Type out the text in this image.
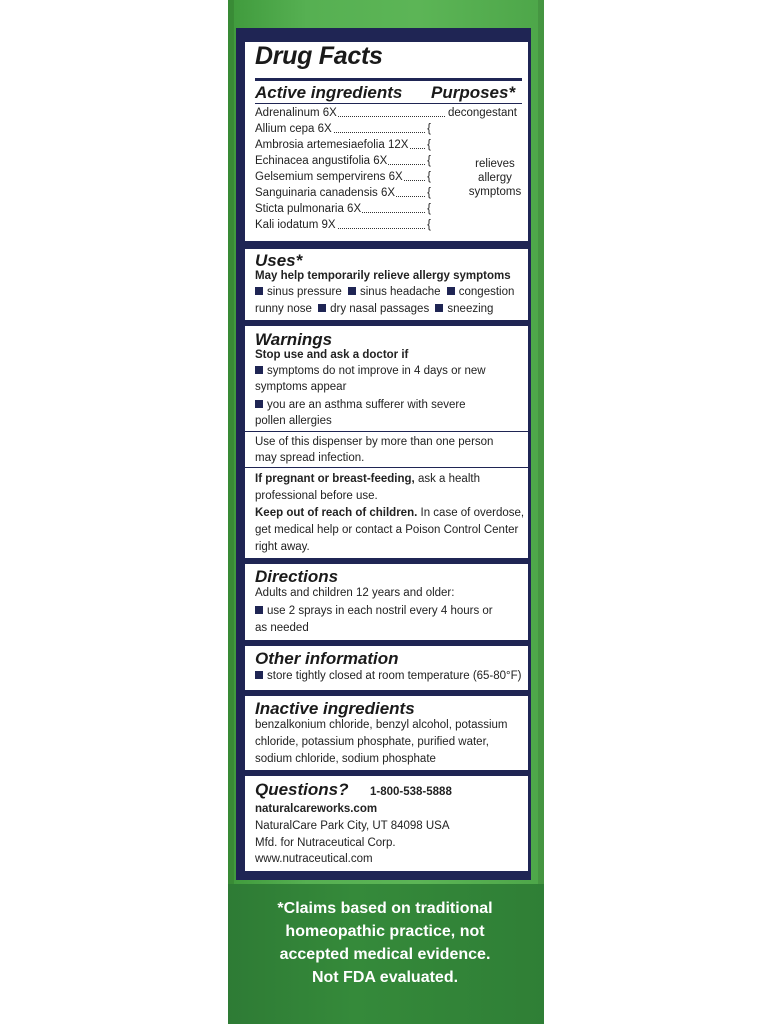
Drug Facts
Active ingredients Purposes*
Adrenalinum 6X	decongestant
Allium cepa 6X	{
Ambrosia artemesiaefolia 12X {
Echinacea angustifolia 6X	{
Gelsemium sempervirens 6X {
Sanguinaria canadensis 6X	{
Sticta pulmonaria 6X	{
Kali iodatum 9X	{
relieves
allergy
symptoms
Uses*
May help temporarily relieve allergy symptoms
sinus pressure sinus headache congestion
runny nose dry nasal passages sneezing
Warnings
Stop use and ask a doctor if
symptoms do not improve in 4 days or new
symptoms appear
you are an asthma sufferer with severe
pollen allergies
Use of this dispenser by more than one person
may spread infection.
If pregnant or breast-feeding, ask a health
professional before use.
Keep out of reach of children. In case of overdose,
get medical help or contact a Poison Control Center
right away.
Directions
Adults and children 12 years and older:
use 2 sprays in each nostril every 4 hours or
as needed
Other information
store tightly closed at room temperature (65-80°F)
Inactive ingredients
benzalkonium chloride, benzyl alcohol, potassium
chloride, potassium phosphate, purified water,
sodium chloride, sodium phosphate
Questions? 1-800-538-5888
naturalcareworks.com
NaturalCare Park City, UT 84098 USA
Mfd. for Nutraceutical Corp.
www.nutraceutical.com
*Claims based on traditional
homeopathic practice, not
accepted medical evidence.
Not FDA evaluated.
